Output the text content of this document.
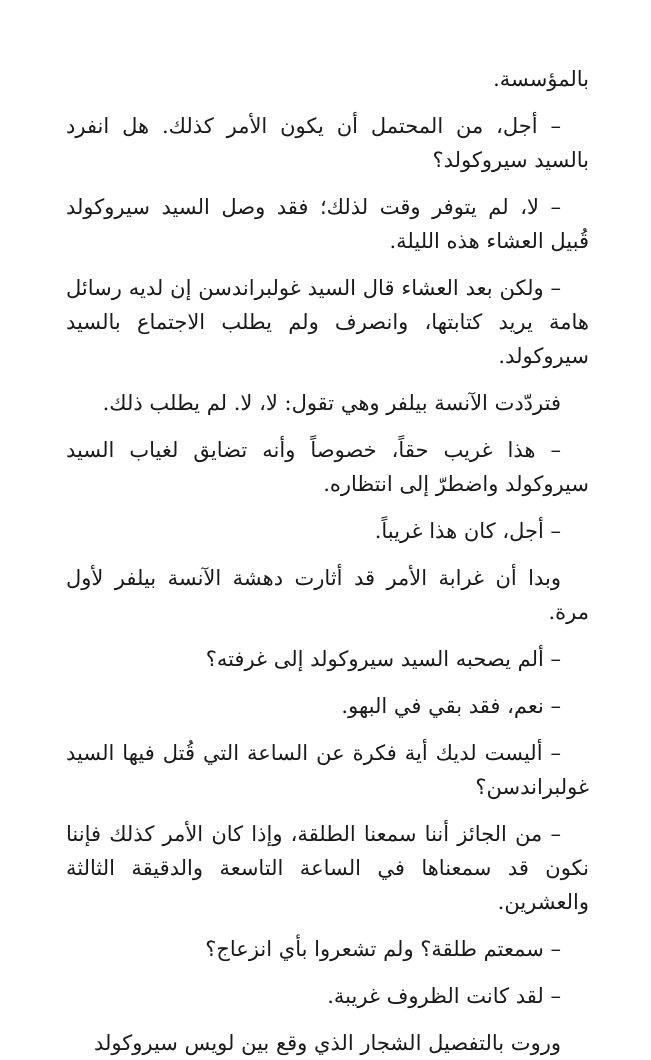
بالمؤسسة.

– أجل، من المحتمل أن يكون الأمر كذلك. هل انفرد بالسيد سيروكولد؟

– لا، لم يتوفر وقت لذلك؛ فقد وصل السيد سيروكولد قُبيل العشاء هذه الليلة.

– ولكن بعد العشاء قال السيد غولبراندسن إن لديه رسائل هامة يريد كتابتها، وانصرف ولم يطلب الاجتماع بالسيد سيروكولد.

فتردّدت الآنسة بيلفر وهي تقول: لا، لا. لم يطلب ذلك.

– هذا غريب حقاً، خصوصاً وأنه تضايق لغياب السيد سيروكولد واضطرّ إلى انتظاره.

– أجل، كان هذا غريباً.

وبدا أن غرابة الأمر قد أثارت دهشة الآنسة بيلفر لأول مرة.

– ألم يصحبه السيد سيروكولد إلى غرفته؟

– نعم، فقد بقي في البهو.

– أليست لديك أية فكرة عن الساعة التي قُتل فيها السيد غولبراندسن؟

– من الجائز أننا سمعنا الطلقة، وإذا كان الأمر كذلك فإننا نكون قد سمعناها في الساعة التاسعة والدقيقة الثالثة والعشرين.

– سمعتم طلقة؟ ولم تشعروا بأي انزعاج؟

– لقد كانت الظروف غريبة.

وروت بالتفصيل الشجار الذي وقع بين لويس سيروكولد
